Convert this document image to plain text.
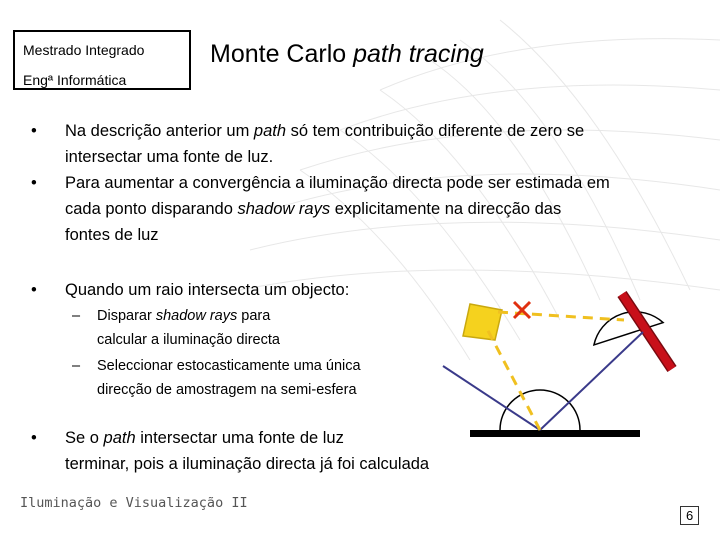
Mestrado Integrado
Engª Informática
Monte Carlo path tracing
• Na descrição anterior um path só tem contribuição diferente de zero se
intersectar uma fonte de luz.
• Para aumentar a convergência a iluminação directa pode ser estimada em
cada ponto disparando shadow rays explicitamente na direcção das
fontes de luz
• Quando um raio intersecta um objecto:
– Disparar shadow rays para
calcular a iluminação directa
– Seleccionar estocasticamente uma única
direcção de amostragem na semi-esfera
• Se o path intersectar uma fonte de luz
terminar, pois a iluminação directa já foi calculada
Iluminação e Visualização II
6
